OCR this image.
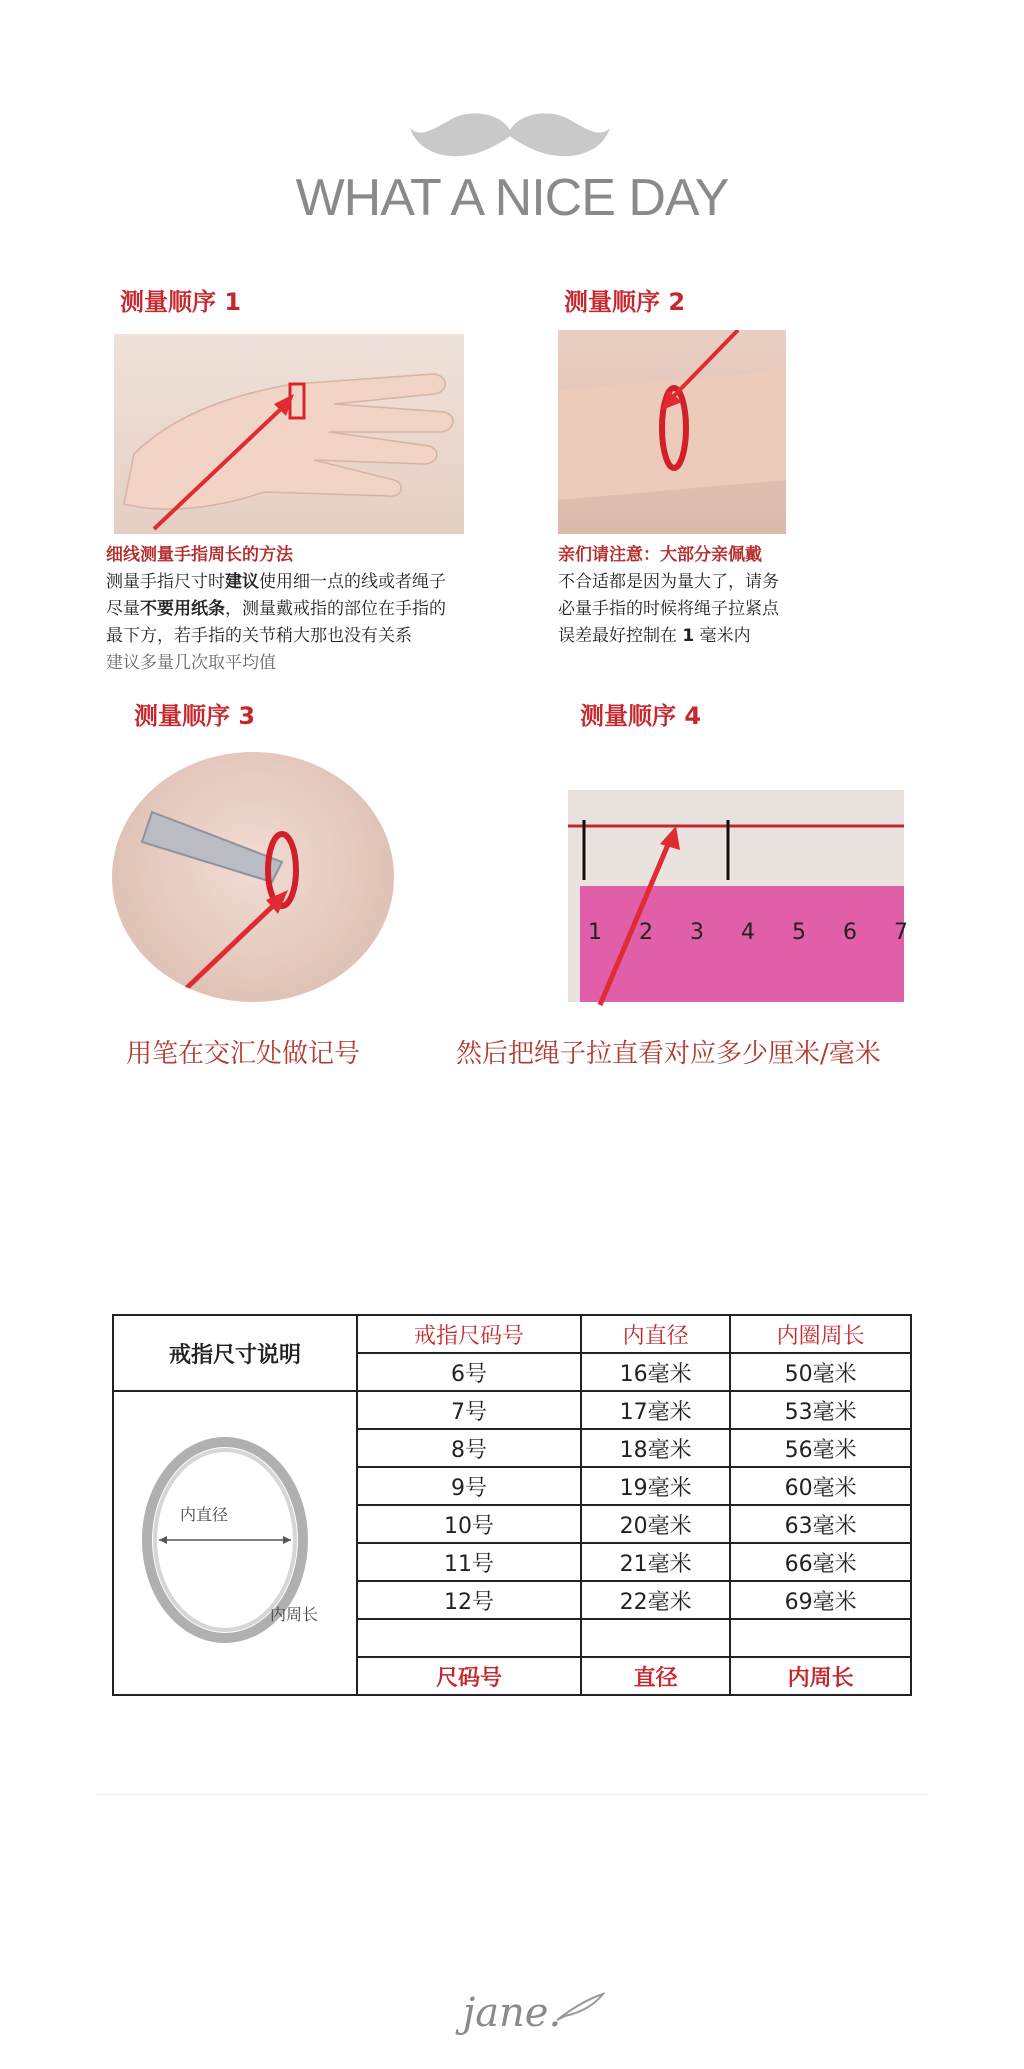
WHAT A NICE DAY
测量顺序 1	测量顺序 2
测量顺序 3	测量顺序 4
细线测量手指周长的方法
测量手指尺寸时建议使用细一点的线或者绳子
尽量不要用纸条，测量戴戒指的部位在手指的
最下方，若手指的关节稍大那也没有关系
建议多量几次取平均值
亲们请注意：大部分亲佩戴
不合适都是因为量大了，请务
必量手指的时候将绳子拉紧点
误差最好控制在 1 毫米内
1 2 3 4 5 6 7
用笔在交汇处做记号	然后把绳子拉直看对应多少厘米/毫米
戒指尺寸说明	戒指尺码号	内直径	内圈周长
	6号	16毫米	50毫米

内直径
内周长	7号	17毫米	53毫米
	8号	18毫米	56毫米
	9号	19毫米	60毫米
	10号	20毫米	63毫米
	11号	21毫米	66毫米
	12号	22毫米	69毫米

	尺码号	直径	内周长
jane.
